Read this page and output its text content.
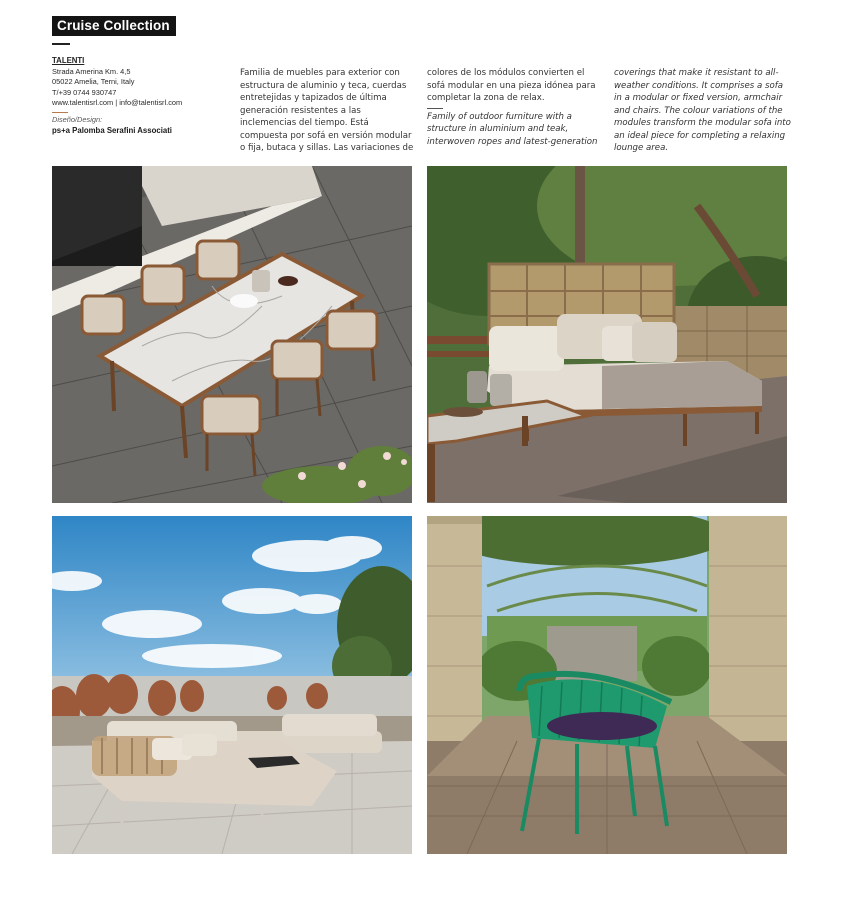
Cruise Collection
TALENTI
Strada Amerina Km. 4,5
05022 Amelia, Terni, Italy
T/+39 0744 930747
www.talentisrl.com | info@talentisrl.com
Diseño/Design:
ps+a Palomba Serafini Associati
Familia de muebles para exterior con estructura de aluminio y teca, cuerdas entretejidas y tapizados de última generación resistentes a las inclemencias del tiempo. Está compuesta por sofá en versión modular o fija, butaca y sillas. Las variaciones de
colores de los módulos convierten el sofá modular en una pieza idónea para completar la zona de relax.
Family of outdoor furniture with a structure in aluminium and teak, interwoven ropes and latest-generation
coverings that make it resistant to all-weather conditions. It comprises a sofa in a modular or fixed version, armchair and chairs. The colour variations of the modules transform the modular sofa into an ideal piece for completing a relaxing lounge area.
